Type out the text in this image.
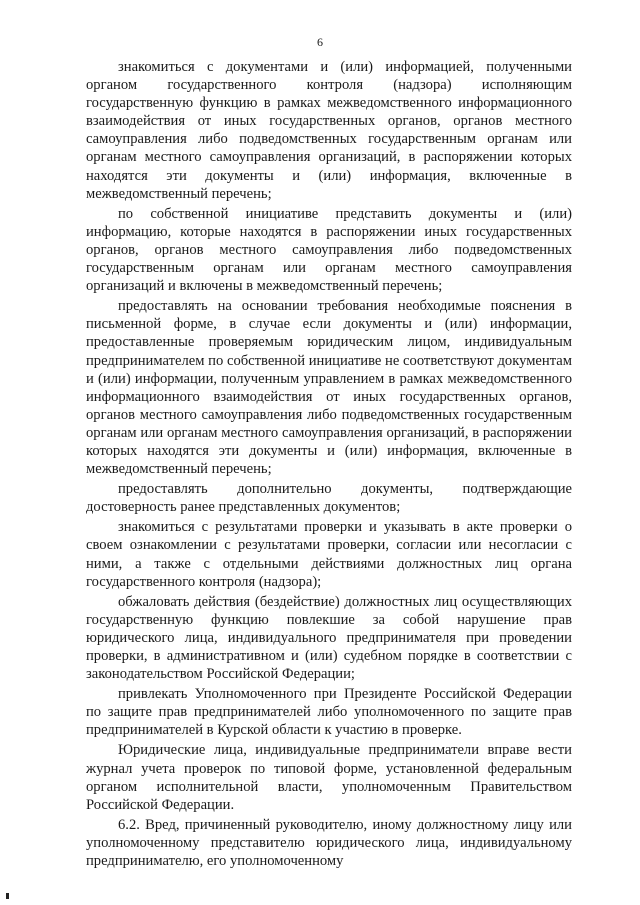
6

знакомиться с документами и (или) информацией, полученными органом государственного контроля (надзора) исполняющим государственную функцию в рамках межведомственного информационного взаимодействия от иных государственных органов, органов местного самоуправления либо подведомственных государственным органам или органам местного самоуправления организаций, в распоряжении которых находятся эти документы и (или) информация, включенные в межведомственный перечень;

по собственной инициативе представить документы и (или) информацию, которые находятся в распоряжении иных государственных органов, органов местного самоуправления либо подведомственных государственным органам или органам местного самоуправления организаций и включены в межведомственный перечень;

предоставлять на основании требования необходимые пояснения в письменной форме, в случае если документы и (или) информации, предоставленные проверяемым юридическим лицом, индивидуальным предпринимателем по собственной инициативе не соответствуют документам и (или) информации, полученным управлением в рамках межведомственного информационного взаимодействия от иных государственных органов, органов местного самоуправления либо подведомственных государственным органам или органам местного самоуправления организаций, в распоряжении которых находятся эти документы и (или) информация, включенные в межведомственный перечень;

предоставлять дополнительно документы, подтверждающие достоверность ранее представленных документов;

знакомиться с результатами проверки и указывать в акте проверки о своем ознакомлении с результатами проверки, согласии или несогласии с ними, а также с отдельными действиями должностных лиц органа государственного контроля (надзора);

обжаловать действия (бездействие) должностных лиц осуществляющих государственную функцию повлекшие за собой нарушение прав юридического лица, индивидуального предпринимателя при проведении проверки, в административном и (или) судебном порядке в соответствии с законодательством Российской Федерации;

привлекать Уполномоченного при Президенте Российской Федерации по защите прав предпринимателей либо уполномоченного по защите прав предпринимателей в Курской области к участию в проверке.

Юридические лица, индивидуальные предприниматели вправе вести журнал учета проверок по типовой форме, установленной федеральным органом исполнительной власти, уполномоченным Правительством Российской Федерации.

6.2. Вред, причиненный руководителю, иному должностному лицу или уполномоченному представителю юридического лица, индивидуальному предпринимателю, его уполномоченному
